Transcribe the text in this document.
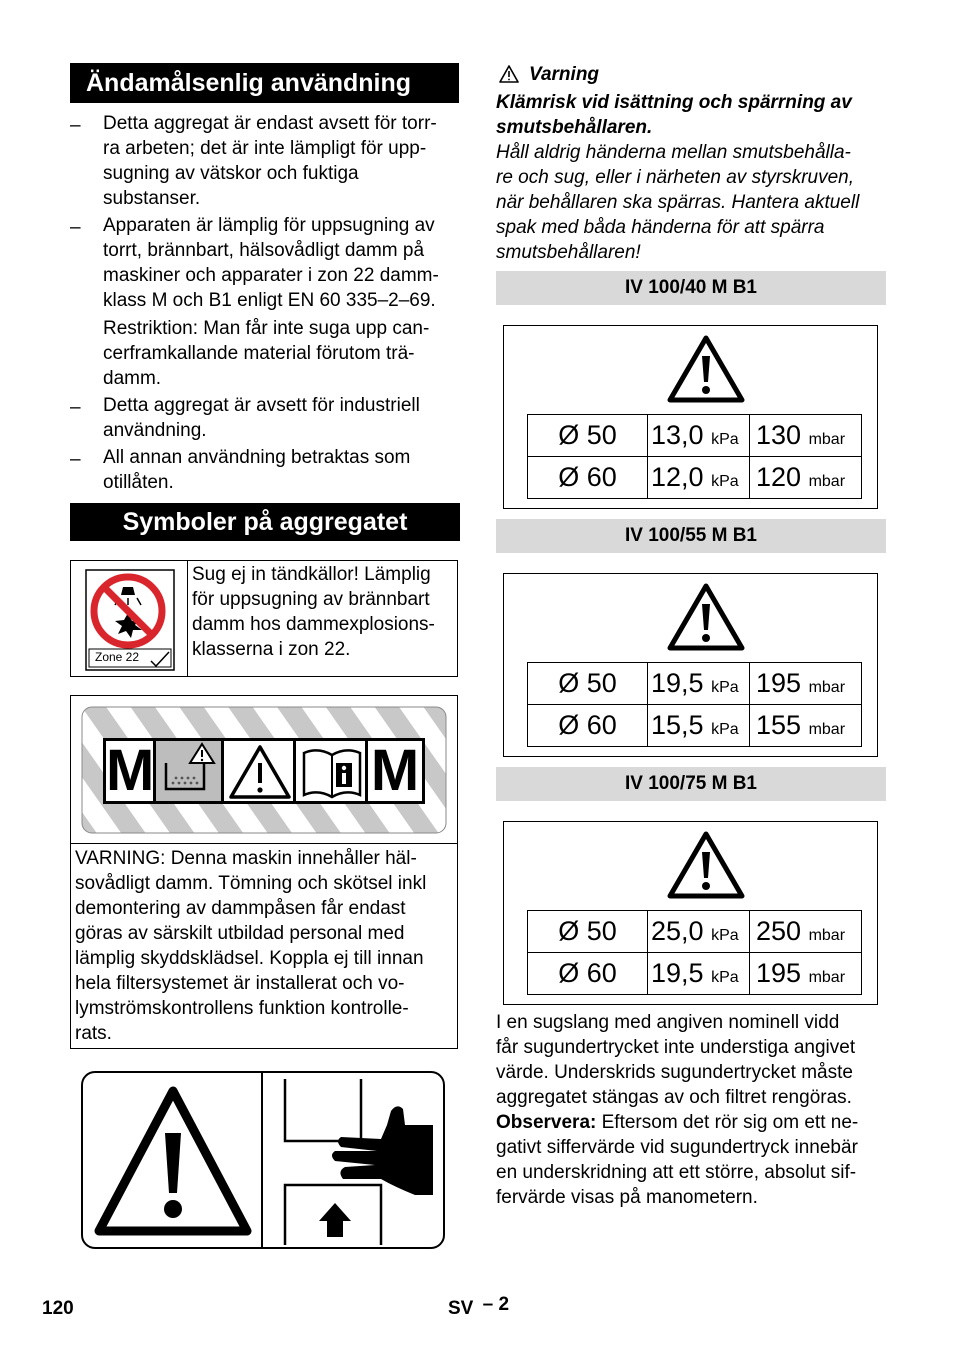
Ändamålsenlig användning
– Detta aggregat är endast avsett för torr-
ra arbeten; det är inte lämpligt för upp-
sugning av vätskor och fuktiga
substanser.
– Apparaten är lämplig för uppsugning av
torrt, brännbart, hälsovådligt damm på
maskiner och apparater i zon 22 damm-
klass M och B1 enligt EN 60 335–2–69.
Restriktion: Man får inte suga upp can-
cerframkallande material förutom trä-
damm.
– Detta aggregat är avsett för industriell
användning.
– All annan användning betraktas som
otillåten.
Symboler på aggregatet
Zone 22
Sug ej in tändkällor! Lämplig
för uppsugning av brännbart
damm hos dammexplosions-
klasserna i zon 22.
M	M
VARNING: Denna maskin innehåller häl-
sovådligt damm. Tömning och skötsel inkl
demontering av dammpåsen får endast
göras av särskilt utbildad personal med
lämplig skyddsklädsel. Koppla ej till innan
hela filtersystemet är installerat och vo-
lymströmskontrollens funktion kontrolle-
rats.
Varning
Klämrisk vid isättning och spärrning av
smutsbehållaren.
Håll aldrig händerna mellan smutsbehålla-
re och sug, eller i närheten av styrskruven,
när behållaren ska spärras. Hantera aktuell
spak med båda händerna för att spärra
smutsbehållaren!
IV 100/40 M B1
Ø 50	13,0 kPa	130 mbar
Ø 60	12,0 kPa	120 mbar
IV 100/55 M B1
Ø 50	19,5 kPa	195 mbar
Ø 60	15,5 kPa	155 mbar
IV 100/75 M B1
Ø 50	25,0 kPa	250 mbar
Ø 60	19,5 kPa	195 mbar
I en sugslang med angiven nominell vidd
får sugundertrycket inte understiga angivet
värde. Underskrids sugundertrycket måste
aggregatet stängas av och filtret rengöras.
Observera: Eftersom det rör sig om ett ne-
gativt siffervärde vid sugundertryck innebär
en underskridning att ett större, absolut sif-
fervärde visas på manometern.
120	SV – 2
